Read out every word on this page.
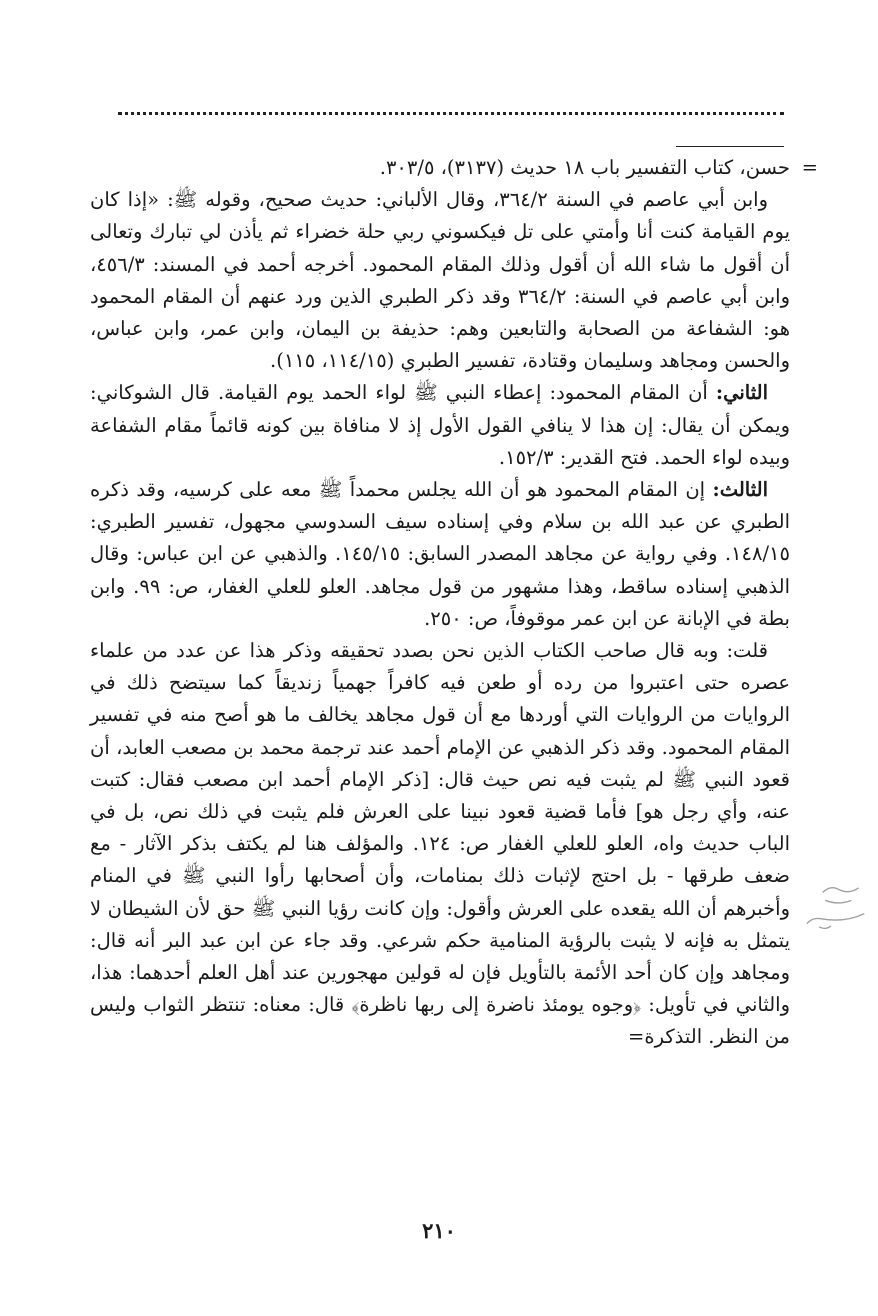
=
حسن، كتاب التفسير باب ١٨ حديث (٣١٣٧)، ٣٠٣/٥.

وابن أبي عاصم في السنة ٣٦٤/٢، وقال الألباني: حديث صحيح، وقوله ﷺ: «إذا كان يوم القيامة كنت أنا وأمتي على تل فيكسوني ربي حلة خضراء ثم يأذن لي تبارك وتعالى أن أقول ما شاء الله أن أقول وذلك المقام المحمود. أخرجه أحمد في المسند: ٤٥٦/٣، وابن أبي عاصم في السنة: ٣٦٤/٢ وقد ذكر الطبري الذين ورد عنهم أن المقام المحمود هو: الشفاعة من الصحابة والتابعين وهم: حذيفة بن اليمان، وابن عمر، وابن عباس، والحسن ومجاهد وسليمان وقتادة، تفسير الطبري (١١٤/١٥، ١١٥).

الثاني: أن المقام المحمود: إعطاء النبي ﷺ لواء الحمد يوم القيامة. قال الشوكاني: ويمكن أن يقال: إن هذا لا ينافي القول الأول إذ لا منافاة بين كونه قائماً مقام الشفاعة وبيده لواء الحمد. فتح القدير: ١٥٢/٣.

الثالث: إن المقام المحمود هو أن الله يجلس محمداً ﷺ معه على كرسيه، وقد ذكره الطبري عن عبد الله بن سلام وفي إسناده سيف السدوسي مجهول، تفسير الطبري: ١٤٨/١٥. وفي رواية عن مجاهد المصدر السابق: ١٤٥/١٥. والذهبي عن ابن عباس: وقال الذهبي إسناده ساقط، وهذا مشهور من قول مجاهد. العلو للعلي الغفار، ص: ٩٩. وابن بطة في الإبانة عن ابن عمر موقوفاً، ص: ٢٥٠.

قلت: وبه قال صاحب الكتاب الذين نحن بصدد تحقيقه وذكر هذا عن عدد من علماء عصره حتى اعتبروا من رده أو طعن فيه كافراً جهمياً زنديقاً كما سيتضح ذلك في الروايات من الروايات التي أوردها مع أن قول مجاهد يخالف ما هو أصح منه في تفسير المقام المحمود. وقد ذكر الذهبي عن الإمام أحمد عند ترجمة محمد بن مصعب العابد، أن قعود النبي ﷺ لم يثبت فيه نص حيث قال: [ذكر الإمام أحمد ابن مصعب فقال: كتبت عنه، وأي رجل هو] فأما قضية قعود نبينا على العرش فلم يثبت في ذلك نص، بل في الباب حديث واه، العلو للعلي الغفار ص: ١٢٤. والمؤلف هنا لم يكتف بذكر الآثار - مع ضعف طرقها - بل احتج لإثبات ذلك بمنامات، وأن أصحابها رأوا النبي ﷺ في المنام وأخبرهم أن الله يقعده على العرش وأقول: وإن كانت رؤيا النبي ﷺ حق لأن الشيطان لا يتمثل به فإنه لا يثبت بالرؤية المنامية حكم شرعي. وقد جاء عن ابن عبد البر أنه قال: ومجاهد وإن كان أحد الأئمة بالتأويل فإن له قولين مهجورين عند أهل العلم أحدهما: هذا، والثاني في تأويل: ﴿وجوه يومئذ ناضرة إلى ربها ناظرة﴾ قال: معناه: تنتظر الثواب وليس من النظر. التذكرة=

٢١٠
